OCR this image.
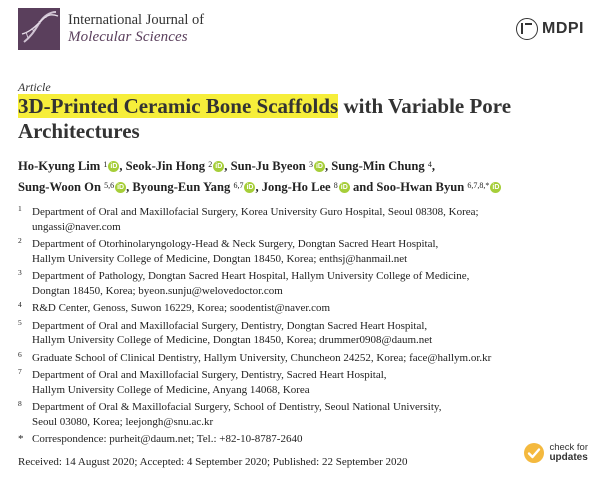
International Journal of
Molecular Sciences	MDPI
Article
3D-Printed Ceramic Bone Scaffolds with Variable Pore Architectures
Ho-Kyung Lim $^1$ iD , Seok-Jin Hong $^2$ iD , Sun-Ju Byeon $^3$ iD , Sung-Min Chung $^4$,
Sung-Woon On $^{5,6}$ iD , Byoung-Eun Yang $^{6,7}$ iD , Jong-Ho Lee $^8$ iD and Soo-Hwan Byun $^{6,7,8,*}$ iD
1 Department of Oral and Maxillofacial Surgery, Korea University Guro Hospital, Seoul 08308, Korea;
ungassi@naver.com
2 Department of Otorhinolaryngology-Head & Neck Surgery, Dongtan Sacred Heart Hospital,
Hallym University College of Medicine, Dongtan 18450, Korea; enthsj@hanmail.net
3 Department of Pathology, Dongtan Sacred Heart Hospital, Hallym University College of Medicine,
Dongtan 18450, Korea; byeon.sunju@welovedoctor.com
4 R&D Center, Genoss, Suwon 16229, Korea; soodentist@naver.com
5 Department of Oral and Maxillofacial Surgery, Dentistry, Dongtan Sacred Heart Hospital,
Hallym University College of Medicine, Dongtan 18450, Korea; drummer0908@daum.net
6 Graduate School of Clinical Dentistry, Hallym University, Chuncheon 24252, Korea; face@hallym.or.kr
7 Department of Oral and Maxillofacial Surgery, Dentistry, Sacred Heart Hospital,
Hallym University College of Medicine, Anyang 14068, Korea
8 Department of Oral & Maxillofacial Surgery, School of Dentistry, Seoul National University,
Seoul 03080, Korea; leejongh@snu.ac.kr
* Correspondence: purheit@daum.net; Tel.: +82-10-8787-2640
Received: 14 August 2020; Accepted: 4 September 2020; Published: 22 September 2020
check for
updates
